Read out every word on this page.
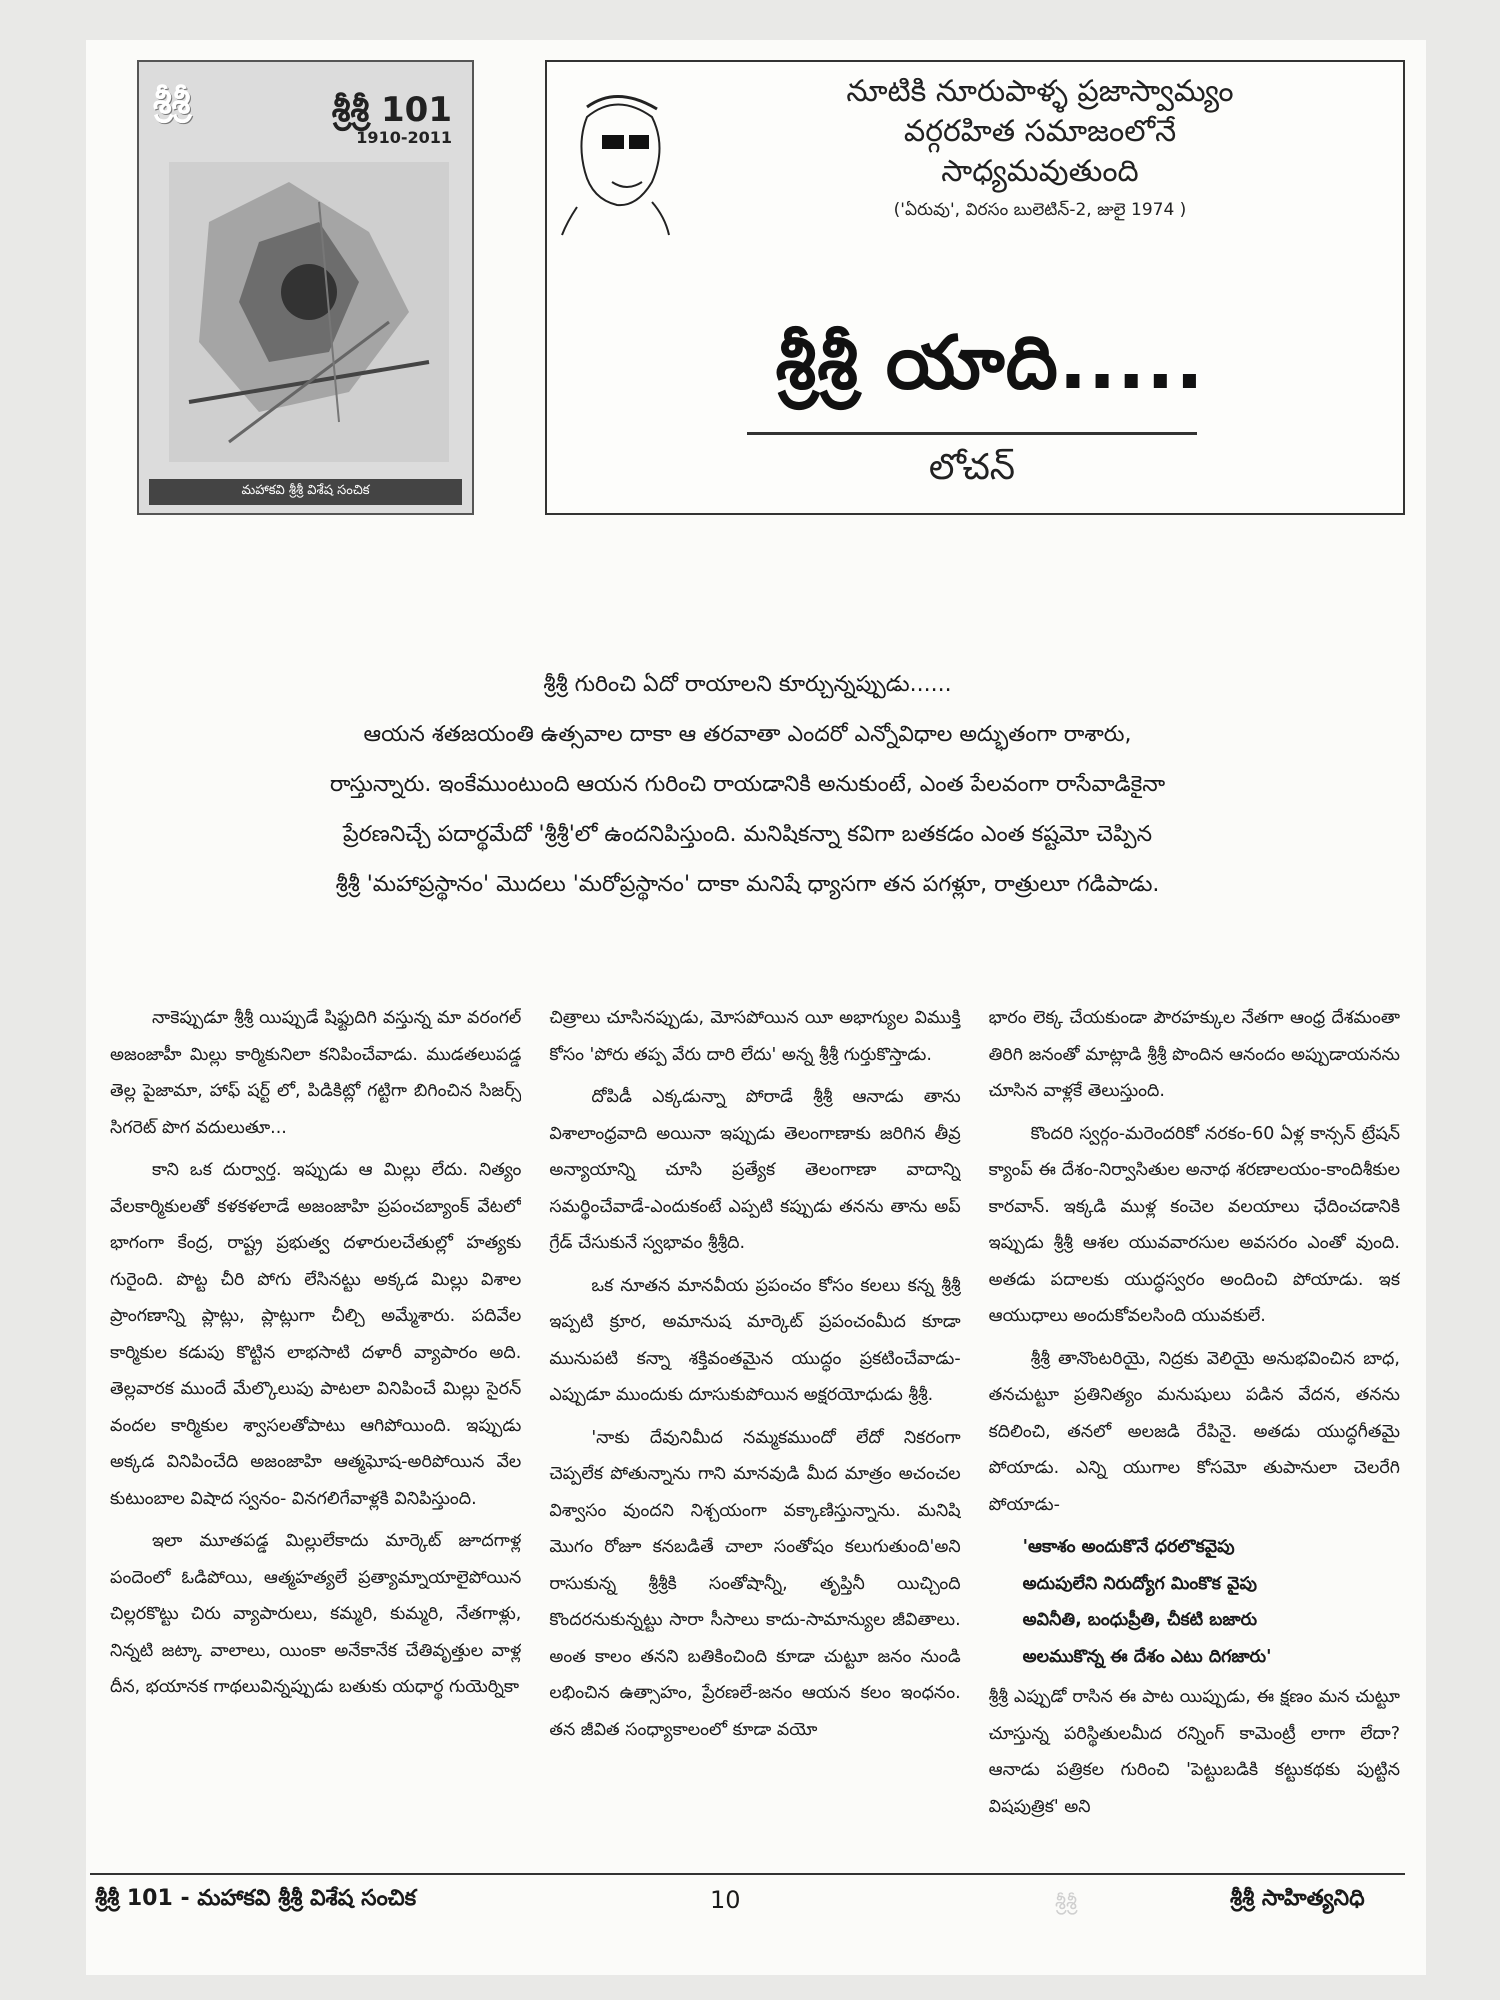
శ్రీశ్రీ	శ్రీశ్రీ 101
1910-2011
మహాకవి శ్రీశ్రీ విశేష సంచిక
నూటికి నూరుపాళ్ళ ప్రజాస్వామ్యం
వర్గరహిత సమాజంలోనే
సాధ్యమవుతుంది
('ఏరువు', విరసం బులెటిన్-2, జులై 1974 )
శ్రీశ్రీ యాది.....
లోచన్

శ్రీశ్రీ గురించి ఏదో రాయాలని కూర్చున్నప్పుడు......

ఆయన శతజయంతి ఉత్సవాల దాకా ఆ తరవాతా ఎందరో ఎన్నోవిధాల అద్భుతంగా రాశారు,

రాస్తున్నారు. ఇంకేముంటుంది ఆయన గురించి రాయడానికి అనుకుంటే, ఎంత పేలవంగా రాసేవాడికైనా

ప్రేరణనిచ్చే పదార్థమేదో 'శ్రీశ్రీ'లో ఉందనిపిస్తుంది. మనిషికన్నా కవిగా బతకడం ఎంత కష్టమో చెప్పిన

శ్రీశ్రీ 'మహాప్రస్థానం' మొదలు 'మరోప్రస్థానం' దాకా మనిషే ధ్యాసగా తన పగళ్లూ, రాత్రులూ గడిపాడు.

నాకెప్పుడూ శ్రీశ్రీ యిప్పుడే షిఫ్టుదిగి వస్తున్న మా వరంగల్ అజంజాహీ మిల్లు కార్మికునిలా కనిపించేవాడు. ముడతలుపడ్డ తెల్ల పైజామా, హాఫ్ షర్ట్ లో, పిడికిట్లో గట్టిగా బిగించిన సిజర్స్ సిగరెట్ పొగ వదులుతూ...

కాని ఒక దుర్వార్త. ఇప్పుడు ఆ మిల్లు లేదు. నిత్యం వేలకార్మికులతో కళకళలాడే అజంజాహి ప్రపంచబ్యాంక్ వేటలో భాగంగా కేంద్ర, రాష్ట్ర ప్రభుత్వ దళారులచేతుల్లో హత్యకు గురైంది. పొట్ట చీరి పోగు లేసినట్టు అక్కడ మిల్లు విశాల ప్రాంగణాన్ని ప్లాట్లు, ప్లాట్లుగా చీల్చి అమ్మేశారు. పదివేల కార్మికుల కడుపు కొట్టిన లాభసాటి దళారీ వ్యాపారం అది. తెల్లవారక ముందే మేల్కొలుపు పాటలా వినిపించే మిల్లు సైరన్ వందల కార్మికుల శ్వాసలతోపాటు ఆగిపోయింది. ఇప్పుడు అక్కడ వినిపించేది అజంజాహి ఆత్మఘోష-అరిపోయిన వేల కుటుంబాల విషాద స్వనం- వినగలిగేవాళ్లకి వినిపిస్తుంది.

ఇలా మూతపడ్డ మిల్లులేకాదు మార్కెట్ జూదగాళ్ల పందెంలో ఓడిపోయి, ఆత్మహత్యలే ప్రత్యామ్నాయాలైపోయిన చిల్లరకొట్టు చిరు వ్యాపారులు, కమ్మరి, కుమ్మరి, నేతగాళ్లు, నిన్నటి జట్కా వాలాలు, యింకా అనేకానేక చేతివృత్తుల వాళ్ల దీన, భయానక గాథలువిన్నప్పుడు బతుకు యధార్థ గుయెర్నికా

చిత్రాలు చూసినప్పుడు, మోసపోయిన యీ అభాగ్యుల విముక్తి కోసం 'పోరు తప్ప వేరు దారి లేదు' అన్న శ్రీశ్రీ గుర్తుకొస్తాడు.

దోపిడీ ఎక్కడున్నా పోరాడే శ్రీశ్రీ ఆనాడు తాను విశాలాంధ్రవాది అయినా ఇప్పుడు తెలంగాణాకు జరిగిన తీవ్ర అన్యాయాన్ని చూసి ప్రత్యేక తెలంగాణా వాదాన్ని సమర్థించేవాడే-ఎందుకంటే ఎప్పటి కప్పుడు తనను తాను అప్ గ్రేడ్ చేసుకునే స్వభావం శ్రీశ్రీది.

ఒక నూతన మానవీయ ప్రపంచం కోసం కలలు కన్న శ్రీశ్రీ ఇప్పటి క్రూర, అమానుష మార్కెట్ ప్రపంచంమీద కూడా మునుపటి కన్నా శక్తివంతమైన యుద్ధం ప్రకటించేవాడు-ఎప్పుడూ ముందుకు దూసుకుపోయిన అక్షరయోధుడు శ్రీశ్రీ.

'నాకు దేవునిమీద నమ్మకముందో లేదో నికరంగా చెప్పలేక పోతున్నాను గాని మానవుడి మీద మాత్రం అచంచల విశ్వాసం వుందని నిశ్చయంగా వక్కాణిస్తున్నాను. మనిషి మొగం రోజూ కనబడితే చాలా సంతోషం కలుగుతుంది'అని రాసుకున్న శ్రీశ్రీకి సంతోషాన్నీ, తృప్తినీ యిచ్చింది కొందరనుకున్నట్టు సారా సీసాలు కాదు-సామాన్యుల జీవితాలు. అంత కాలం తనని బతికించింది కూడా చుట్టూ జనం నుండి లభించిన ఉత్సాహం, ప్రేరణలే-జనం ఆయన కలం ఇంధనం. తన జీవిత సంధ్యాకాలంలో కూడా వయో

భారం లెక్క చేయకుండా పౌరహక్కుల నేతగా ఆంధ్ర దేశమంతా తిరిగి జనంతో మాట్లాడి శ్రీశ్రీ పొందిన ఆనందం అప్పుడాయనను చూసిన వాళ్లకే తెలుస్తుంది.

కొందరి స్వర్గం-మరెందరికో నరకం-60 ఏళ్ల కాన్సన్ ట్రేషన్ క్యాంప్ ఈ దేశం-నిర్వాసితుల అనాథ శరణాలయం-కాందిశీకుల కారవాన్. ఇక్కడి ముళ్ల కంచెల వలయాలు ఛేదించడానికి ఇప్పుడు శ్రీశ్రీ ఆశల యువవారసుల అవసరం ఎంతో వుంది. అతడు పదాలకు యుద్ధస్వరం అందించి పోయాడు. ఇక ఆయుధాలు అందుకోవలసింది యువకులే.

శ్రీశ్రీ తానొంటరియై, నిద్రకు వెలియై అనుభవించిన బాధ, తనచుట్టూ ప్రతినిత్యం మనుషులు పడిన వేదన, తనను కదిలించి, తనలో అలజడి రేపినై. అతడు యుద్ధగీతమై పోయాడు. ఎన్ని యుగాల కోసమో తుపానులా చెలరేగి పోయాడు-

'ఆకాశం అందుకొనే ధరలొకవైపు
అదుపులేని నిరుద్యోగ మింకొక వైపు
అవినీతి, బంధుప్రీతి, చీకటి బజారు
అలముకొన్న ఈ దేశం ఎటు దిగజారు'

శ్రీశ్రీ ఎప్పుడో రాసిన ఈ పాట యిప్పుడు, ఈ క్షణం మన చుట్టూ చూస్తున్న పరిస్థితులమీద రన్నింగ్ కామెంట్రీ లాగా లేదా? ఆనాడు పత్రికల గురించి 'పెట్టుబడికి కట్టుకథకు పుట్టిన విషపుత్రిక' అని

శ్రీశ్రీ 101 - మహాకవి శ్రీశ్రీ విశేష సంచిక	10	శ్రీశ్రీ	శ్రీశ్రీ సాహిత్యనిధి
